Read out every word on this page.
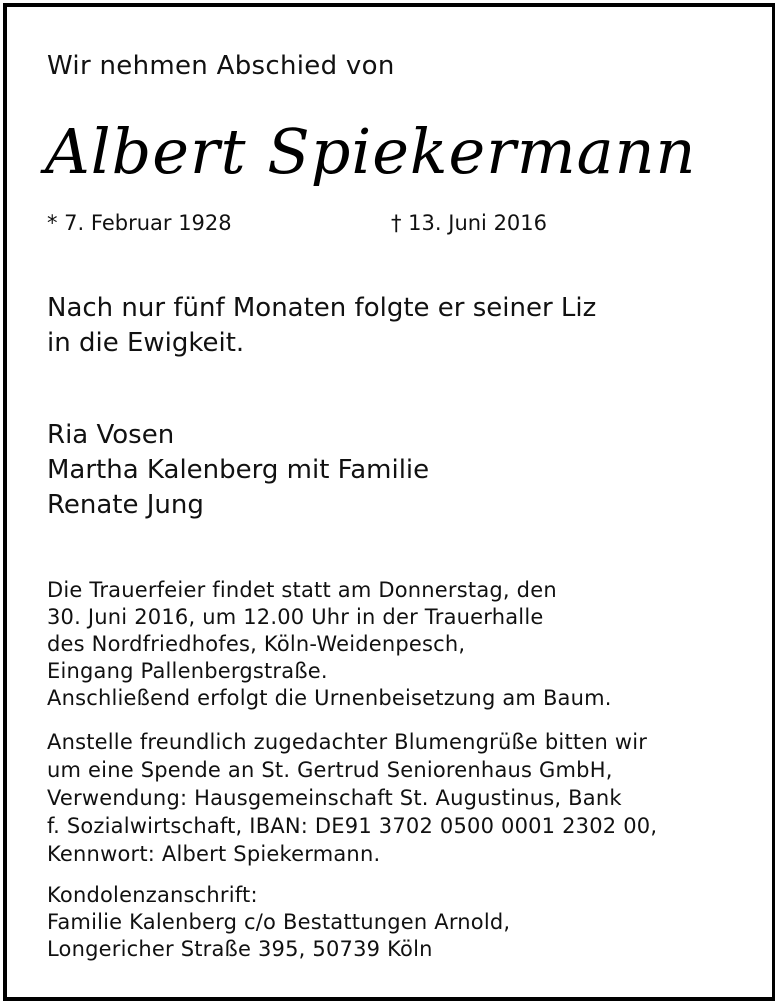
Wir nehmen Abschied von

Albert Spiekermann

* 7. Februar 1928	† 13. Juni 2016

Nach nur fünf Monaten folgte er seiner Liz

in die Ewigkeit.

Ria Vosen

Martha Kalenberg mit Familie

Renate Jung

Die Trauerfeier findet statt am Donnerstag, den

30. Juni 2016, um 12.00 Uhr in der Trauerhalle

des Nordfriedhofes, Köln-Weidenpesch,

Eingang Pallenbergstraße.

Anschließend erfolgt die Urnenbeisetzung am Baum.

Anstelle freundlich zugedachter Blumengrüße bitten wir

um eine Spende an St. Gertrud Seniorenhaus GmbH,

Verwendung: Hausgemeinschaft St. Augustinus, Bank

f. Sozialwirtschaft, IBAN: DE91 3702 0500 0001 2302 00,

Kennwort: Albert Spiekermann.

Kondolenzanschrift:

Familie Kalenberg c/o Bestattungen Arnold,

Longericher Straße 395, 50739 Köln
